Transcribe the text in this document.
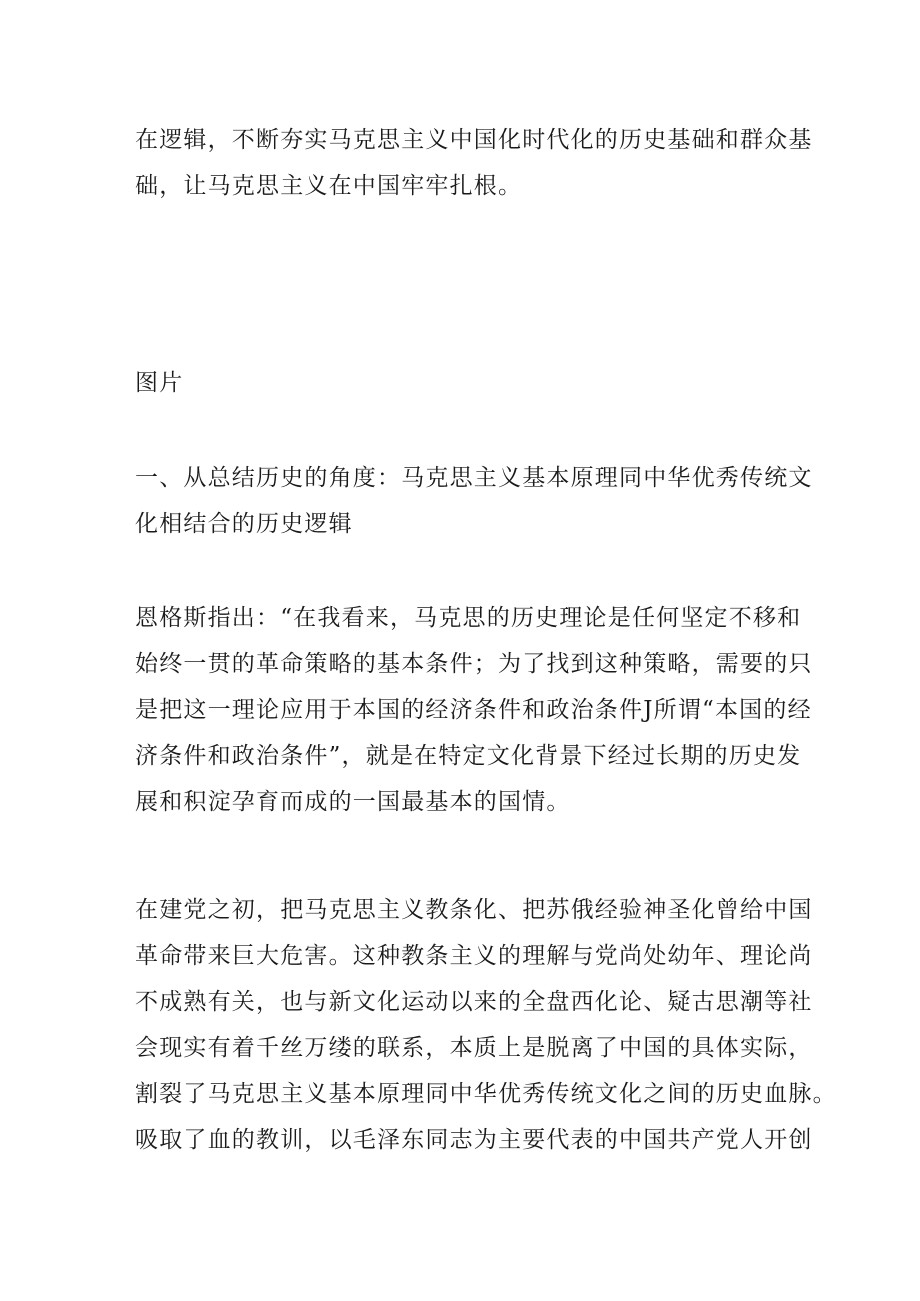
在逻辑，不断夯实马克思主义中国化时代化的历史基础和群众基
础，让马克思主义在中国牢牢扎根。
图片
一、从总结历史的角度：马克思主义基本原理同中华优秀传统文
化相结合的历史逻辑
恩格斯指出：“在我看来，马克思的历史理论是任何坚定不移和
始终一贯的革命策略的基本条件；为了找到这种策略，需要的只
是把这一理论应用于本国的经济条件和政治条件J所谓“本国的经
济条件和政治条件”，就是在特定文化背景下经过长期的历史发
展和积淀孕育而成的一国最基本的国情。
在建党之初，把马克思主义教条化、把苏俄经验神圣化曾给中国
革命带来巨大危害。这种教条主义的理解与党尚处幼年、理论尚
不成熟有关，也与新文化运动以来的全盘西化论、疑古思潮等社
会现实有着千丝万缕的联系，本质上是脱离了中国的具体实际，
割裂了马克思主义基本原理同中华优秀传统文化之间的历史血脉。
吸取了血的教训，以毛泽东同志为主要代表的中国共产党人开创
